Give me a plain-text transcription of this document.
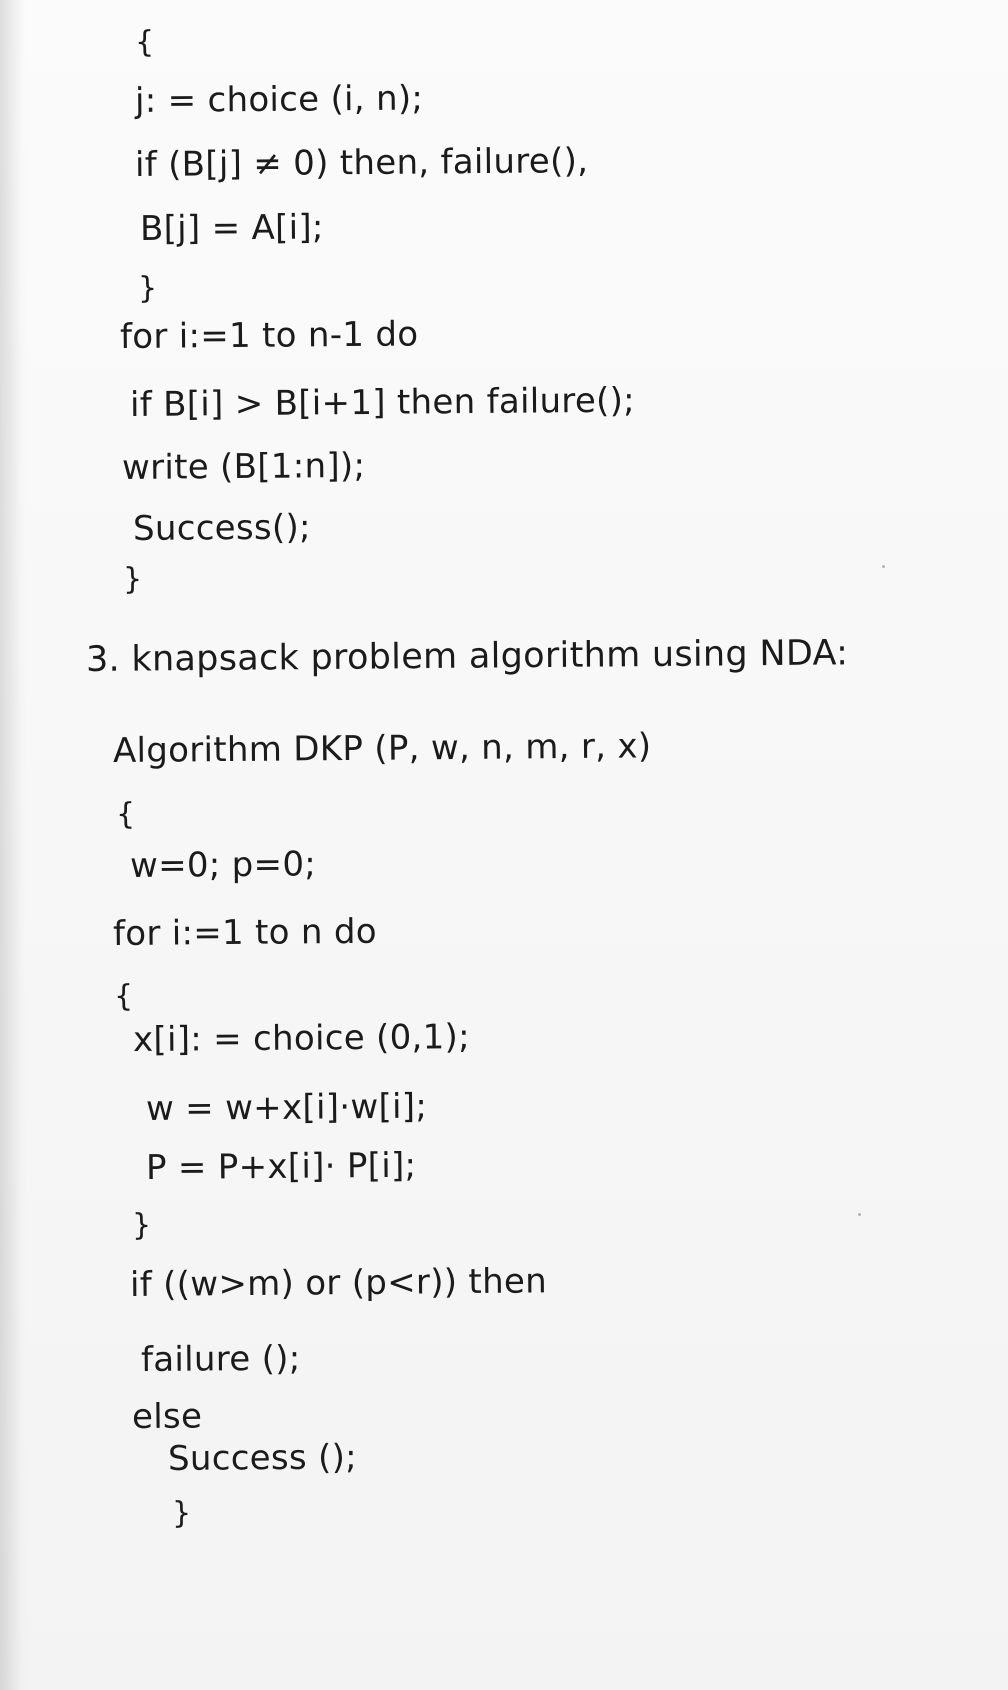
{
j: = choice (i, n);
if (B[j] ≠ 0) then, failure(),
B[j] = A[i];
}
for i:=1 to n-1 do
if B[i] > B[i+1] then failure();
write (B[1:n]);
Success();
}
3. knapsack problem algorithm using NDA:
Algorithm DKP (P, w, n, m, r, x)
{
w=0; p=0;
for i:=1 to n do
{
x[i]: = choice (0,1);
w = w+x[i]·w[i];
P = P+x[i]· P[i];
}
if ((w>m) or (p<r)) then
failure ();
else
Success ();
}
